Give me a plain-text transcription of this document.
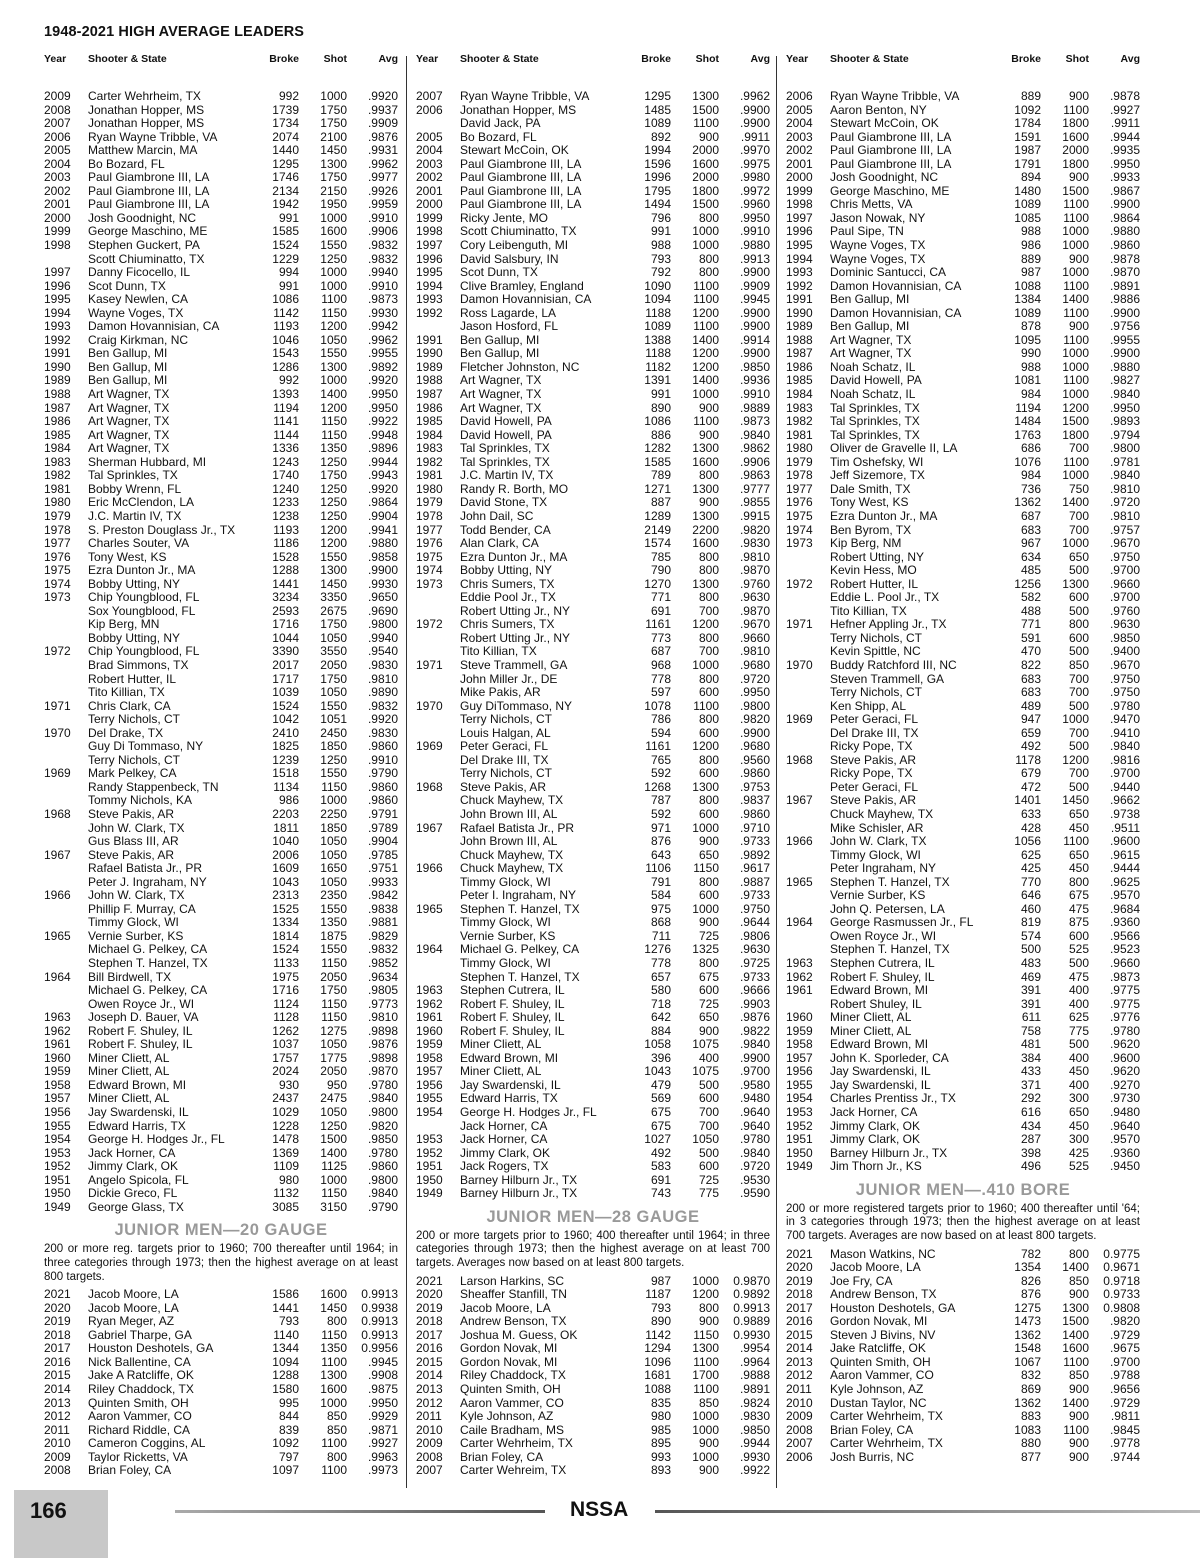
1948-2021 HIGH AVERAGE LEADERS
Year	Shooter & State	Broke	Shot	Avg
2009	Carter Wehrheim, TX	992	1000	.9920
2008	Jonathan Hopper, MS	1739	1750	.9937
2007	Jonathan Hopper, MS	1734	1750	.9909
2006	Ryan Wayne Tribble, VA	2074	2100	.9876
2005	Matthew Marcin, MA	1440	1450	.9931
2004	Bo Bozard, FL	1295	1300	.9962
2003	Paul Giambrone III, LA	1746	1750	.9977
2002	Paul Giambrone III, LA	2134	2150	.9926
2001	Paul Giambrone III, LA	1942	1950	.9959
2000	Josh Goodnight, NC	991	1000	.9910
1999	George Maschino, ME	1585	1600	.9906
1998	Stephen Guckert, PA	1524	1550	.9832
Scott Chiuminatto, TX	1229	1250	.9832
1997	Danny Ficocello, IL	994	1000	.9940
1996	Scot Dunn, TX	991	1000	.9910
1995	Kasey Newlen, CA	1086	1100	.9873
1994	Wayne Voges, TX	1142	1150	.9930
1993	Damon Hovannisian, CA	1193	1200	.9942
1992	Craig Kirkman, NC	1046	1050	.9962
1991	Ben Gallup, MI	1543	1550	.9955
1990	Ben Gallup, MI	1286	1300	.9892
1989	Ben Gallup, MI	992	1000	.9920
1988	Art Wagner, TX	1393	1400	.9950
1987	Art Wagner, TX	1194	1200	.9950
1986	Art Wagner, TX	1141	1150	.9922
1985	Art Wagner, TX	1144	1150	.9948
1984	Art Wagner, TX	1336	1350	.9896
1983	Sherman Hubbard, MI	1243	1250	.9944
1982	Tal Sprinkles, TX	1740	1750	.9943
1981	Bobby Wrenn, FL	1240	1250	.9920
1980	Eric McClendon, LA	1233	1250	.9864
1979	J.C. Martin IV, TX	1238	1250	.9904
1978	S. Preston Douglass Jr., TX	1193	1200	.9941
1977	Charles Souter, VA	1186	1200	.9880
1976	Tony West, KS	1528	1550	.9858
1975	Ezra Dunton Jr., MA	1288	1300	.9900
1974	Bobby Utting, NY	1441	1450	.9930
1973	Chip Youngblood, FL	3234	3350	.9650
Sox Youngblood, FL	2593	2675	.9690
Kip Berg, MN	1716	1750	.9800
Bobby Utting, NY	1044	1050	.9940
1972	Chip Youngblood, FL	3390	3550	.9540
Brad Simmons, TX	2017	2050	.9830
Robert Hutter, IL	1717	1750	.9810
Tito Killian, TX	1039	1050	.9890
1971	Chris Clark, CA	1524	1550	.9832
Terry Nichols, CT	1042	1051	.9920
1970	Del Drake, TX	2410	2450	.9830
Guy Di Tommaso, NY	1825	1850	.9860
Terry Nichols, CT	1239	1250	.9910
1969	Mark Pelkey, CA	1518	1550	.9790
Randy Stappenbeck, TN	1134	1150	.9860
Tommy Nichols, KA	986	1000	.9860
1968	Steve Pakis, AR	2203	2250	.9791
John W. Clark, TX	1811	1850	.9789
Gus Blass III, AR	1040	1050	.9904
1967	Steve Pakis, AR	2006	1050	.9785
Rafael Batista Jr., PR	1609	1650	.9751
Peter J. Ingraham, NY	1043	1050	.9933
1966	John W. Clark, TX	2313	2350	.9842
Phillip F. Murray, CA	1525	1550	.9838
Timmy Glock, WI	1334	1350	.9881
1965	Vernie Surber, KS	1814	1875	.9829
Michael G. Pelkey, CA	1524	1550	.9832
Stephen T. Hanzel, TX	1133	1150	.9852
1964	Bill Birdwell, TX	1975	2050	.9634
Michael G. Pelkey, CA	1716	1750	.9805
Owen Royce Jr., WI	1124	1150	.9773
1963	Joseph D. Bauer, VA	1128	1150	.9810
1962	Robert F. Shuley, IL	1262	1275	.9898
1961	Robert F. Shuley, IL	1037	1050	.9876
1960	Miner Cliett, AL	1757	1775	.9898
1959	Miner Cliett, AL	2024	2050	.9870
1958	Edward Brown, MI	930	950	.9780
1957	Miner Cliett, AL	2437	2475	.9840
1956	Jay Swardenski, IL	1029	1050	.9800
1955	Edward Harris, TX	1228	1250	.9820
1954	George H. Hodges Jr., FL	1478	1500	.9850
1953	Jack Horner, CA	1369	1400	.9780
1952	Jimmy Clark, OK	1109	1125	.9860
1951	Angelo Spicola, FL	980	1000	.9800
1950	Dickie Greco, FL	1132	1150	.9840
1949	George Glass, TX	3085	3150	.9790
JUNIOR MEN—20 GAUGE
200 or more reg. targets prior to 1960; 700 thereafter until 1964; in three categories through 1973; then the highest average on at least 800 targets.
2021	Jacob Moore, LA	1586	1600	0.9913
2020	Jacob Moore, LA	1441	1450	0.9938
2019	Ryan Meger, AZ	793	800	0.9913
2018	Gabriel Tharpe, GA	1140	1150	0.9913
2017	Houston Deshotels, GA	1344	1350	0.9956
2016	Nick Ballentine, CA	1094	1100	.9945
2015	Jake A Ratcliffe, OK	1288	1300	.9908
2014	Riley Chaddock, TX	1580	1600	.9875
2013	Quinten Smith, OH	995	1000	.9950
2012	Aaron Vammer, CO	844	850	.9929
2011	Richard Riddle, CA	839	850	.9871
2010	Cameron Coggins, AL	1092	1100	.9927
2009	Taylor Ricketts, VA	797	800	.9963
2008	Brian Foley, CA	1097	1100	.9973
Year	Shooter & State	Broke	Shot	Avg
2007	Ryan Wayne Tribble, VA	1295	1300	.9962
2006	Jonathan Hopper, MS	1485	1500	.9900
David Jack, PA	1089	1100	.9900
2005	Bo Bozard, FL	892	900	.9911
2004	Stewart McCoin, OK	1994	2000	.9970
2003	Paul Giambrone III, LA	1596	1600	.9975
2002	Paul Giambrone III, LA	1996	2000	.9980
2001	Paul Giambrone III, LA	1795	1800	.9972
2000	Paul Giambrone III, LA	1494	1500	.9960
1999	Ricky Jente, MO	796	800	.9950
1998	Scott Chiuminatto, TX	991	1000	.9910
1997	Cory Leibenguth, MI	988	1000	.9880
1996	David Salsbury, IN	793	800	.9913
1995	Scot Dunn, TX	792	800	.9900
1994	Clive Bramley, England	1090	1100	.9909
1993	Damon Hovannisian, CA	1094	1100	.9945
1992	Ross Lagarde, LA	1188	1200	.9900
Jason Hosford, FL	1089	1100	.9900
1991	Ben Gallup, MI	1388	1400	.9914
1990	Ben Gallup, MI	1188	1200	.9900
1989	Fletcher Johnston, NC	1182	1200	.9850
1988	Art Wagner, TX	1391	1400	.9936
1987	Art Wagner, TX	991	1000	.9910
1986	Art Wagner, TX	890	900	.9889
1985	David Howell, PA	1086	1100	.9873
1984	David Howell, PA	886	900	.9840
1983	Tal Sprinkles, TX	1282	1300	.9862
1982	Tal Sprinkles, TX	1585	1600	.9906
1981	J.C. Martin IV, TX	789	800	.9863
1980	Randy R. Borth, MO	1271	1300	.9777
1979	David Stone, TX	887	900	.9855
1978	John Dail, SC	1289	1300	.9915
1977	Todd Bender, CA	2149	2200	.9820
1976	Alan Clark, CA	1574	1600	.9830
1975	Ezra Dunton Jr., MA	785	800	.9810
1974	Bobby Utting, NY	790	800	.9870
1973	Chris Sumers, TX	1270	1300	.9760
Eddie Pool Jr., TX	771	800	.9630
Robert Utting Jr., NY	691	700	.9870
1972	Chris Sumers, TX	1161	1200	.9670
Robert Utting Jr., NY	773	800	.9660
Tito Killian, TX	687	700	.9810
1971	Steve Trammell, GA	968	1000	.9680
John Miller Jr., DE	778	800	.9720
Mike Pakis, AR	597	600	.9950
1970	Guy DiTommaso, NY	1078	1100	.9800
Terry Nichols, CT	786	800	.9820
Louis Halgan, AL	594	600	.9900
1969	Peter Geraci, FL	1161	1200	.9680
Del Drake III, TX	765	800	.9560
Terry Nichols, CT	592	600	.9860
1968	Steve Pakis, AR	1268	1300	.9753
Chuck Mayhew, TX	787	800	.9837
John Brown III, AL	592	600	.9860
1967	Rafael Batista Jr., PR	971	1000	.9710
John Brown III, AL	876	900	.9733
Chuck Mayhew, TX	643	650	.9892
1966	Chuck Mayhew, TX	1106	1150	.9617
Timmy Glock, WI	791	800	.9887
Peter I. Ingraham, NY	584	600	.9733
1965	Stephen T. Hanzel, TX	975	1000	.9750
Timmy Glock, WI	868	900	.9644
Vernie Surber, KS	711	725	.9806
1964	Michael G. Pelkey, CA	1276	1325	.9630
Timmy Glock, WI	778	800	.9725
Stephen T. Hanzel, TX	657	675	.9733
1963	Stephen Cutrera, IL	580	600	.9666
1962	Robert F. Shuley, IL	718	725	.9903
1961	Robert F. Shuley, IL	642	650	.9876
1960	Robert F. Shuley, IL	884	900	.9822
1959	Miner Cliett, AL	1058	1075	.9840
1958	Edward Brown, MI	396	400	.9900
1957	Miner Cliett, AL	1043	1075	.9700
1956	Jay Swardenski, IL	479	500	.9580
1955	Edward Harris, TX	569	600	.9480
1954	George H. Hodges Jr., FL	675	700	.9640
Jack Horner, CA	675	700	.9640
1953	Jack Horner, CA	1027	1050	.9780
1952	Jimmy Clark, OK	492	500	.9840
1951	Jack Rogers, TX	583	600	.9720
1950	Barney Hilburn Jr., TX	691	725	.9530
1949	Barney Hilburn Jr., TX	743	775	.9590
JUNIOR MEN—28 GAUGE
200 or more targets prior to 1960; 400 thereafter until 1964; in three categories through 1973; then the highest average on at least 700 targets. Averages now based on at least 800 targets.
2021	Larson Harkins, SC	987	1000	0.9870
2020	Sheaffer Stanfill, TN	1187	1200	0.9892
2019	Jacob Moore, LA	793	800	0.9913
2018	Andrew Benson, TX	890	900	0.9889
2017	Joshua M. Guess, OK	1142	1150	0.9930
2016	Gordon Novak, MI	1294	1300	.9954
2015	Gordon Novak, MI	1096	1100	.9964
2014	Riley Chaddock, TX	1681	1700	.9888
2013	Quinten Smith, OH	1088	1100	.9891
2012	Aaron Vammer, CO	835	850	.9824
2011	Kyle Johnson, AZ	980	1000	.9830
2010	Caile Bradham, MS	985	1000	.9850
2009	Carter Wehrheim, TX	895	900	.9944
2008	Brian Foley, CA	993	1000	.9930
2007	Carter Wehreim, TX	893	900	.9922
Year	Shooter & State	Broke	Shot	Avg
2006	Ryan Wayne Tribble, VA	889	900	.9878
2005	Aaron Benton, NY	1092	1100	.9927
2004	Stewart McCoin, OK	1784	1800	.9911
2003	Paul Giambrone III, LA	1591	1600	.9944
2002	Paul Giambrone III, LA	1987	2000	.9935
2001	Paul Giambrone III, LA	1791	1800	.9950
2000	Josh Goodnight, NC	894	900	.9933
1999	George Maschino, ME	1480	1500	.9867
1998	Chris Metts, VA	1089	1100	.9900
1997	Jason Nowak, NY	1085	1100	.9864
1996	Paul Sipe, TN	988	1000	.9880
1995	Wayne Voges, TX	986	1000	.9860
1994	Wayne Voges, TX	889	900	.9878
1993	Dominic Santucci, CA	987	1000	.9870
1992	Damon Hovannisian, CA	1088	1100	.9891
1991	Ben Gallup, MI	1384	1400	.9886
1990	Damon Hovannisian, CA	1089	1100	.9900
1989	Ben Gallup, MI	878	900	.9756
1988	Art Wagner, TX	1095	1100	.9955
1987	Art Wagner, TX	990	1000	.9900
1986	Noah Schatz, IL	988	1000	.9880
1985	David Howell, PA	1081	1100	.9827
1984	Noah Schatz, IL	984	1000	.9840
1983	Tal Sprinkles, TX	1194	1200	.9950
1982	Tal Sprinkles, TX	1484	1500	.9893
1981	Tal Sprinkles, TX	1763	1800	.9794
1980	Oliver de Gravelle II, LA	686	700	.9800
1979	Tim Oshefsky, WI	1076	1100	.9781
1978	Jeff Sizemore, TX	984	1000	.9840
1977	Dale Smith, TX	736	750	.9810
1976	Tony West, KS	1362	1400	.9720
1975	Ezra Dunton Jr., MA	687	700	.9810
1974	Ben Byrom, TX	683	700	.9757
1973	Kip Berg, NM	967	1000	.9670
Robert Utting, NY	634	650	.9750
Kevin Hess, MO	485	500	.9700
1972	Robert Hutter, IL	1256	1300	.9660
Eddie L. Pool Jr., TX	582	600	.9700
Tito Killian, TX	488	500	.9760
1971	Hefner Appling Jr., TX	771	800	.9630
Terry Nichols, CT	591	600	.9850
Kevin Spittle, NC	470	500	.9400
1970	Buddy Ratchford III, NC	822	850	.9670
Steven Trammell, GA	683	700	.9750
Terry Nichols, CT	683	700	.9750
Ken Shipp, AL	489	500	.9780
1969	Peter Geraci, FL	947	1000	.9470
Del Drake III, TX	659	700	.9410
Ricky Pope, TX	492	500	.9840
1968	Steve Pakis, AR	1178	1200	.9816
Ricky Pope, TX	679	700	.9700
Peter Geraci, FL	472	500	.9440
1967	Steve Pakis, AR	1401	1450	.9662
Chuck Mayhew, TX	633	650	.9738
Mike Schisler, AR	428	450	.9511
1966	John W. Clark, TX	1056	1100	.9600
Timmy Glock, WI	625	650	.9615
Peter Ingraham, NY	425	450	.9444
1965	Stephen T. Hanzel, TX	770	800	.9625
Vernie Surber, KS	646	675	.9570
John Q. Petersen, LA	460	475	.9684
1964	George Rasmussen Jr., FL	819	875	.9360
Owen Royce Jr., WI	574	600	.9566
Stephen T. Hanzel, TX	500	525	.9523
1963	Stephen Cutrera, IL	483	500	.9660
1962	Robert F. Shuley, IL	469	475	.9873
1961	Edward Brown, MI	391	400	.9775
Robert Shuley, IL	391	400	.9775
1960	Miner Cliett, AL	611	625	.9776
1959	Miner Cliett, AL	758	775	.9780
1958	Edward Brown, MI	481	500	.9620
1957	John K. Sporleder, CA	384	400	.9600
1956	Jay Swardenski, IL	433	450	.9620
1955	Jay Swardenski, IL	371	400	.9270
1954	Charles Prentiss Jr., TX	292	300	.9730
1953	Jack Horner, CA	616	650	.9480
1952	Jimmy Clark, OK	434	450	.9640
1951	Jimmy Clark, OK	287	300	.9570
1950	Barney Hilburn Jr., TX	398	425	.9360
1949	Jim Thorn Jr., KS	496	525	.9450
JUNIOR MEN—.410 BORE
200 or more registered targets prior to 1960; 400 thereafter until '64; in 3 categories through 1973; then the highest average on at least 700 targets. Averages are now based on at least 800 targets.
2021	Mason Watkins, NC	782	800	0.9775
2020	Jacob Moore, LA	1354	1400	0.9671
2019	Joe Fry, CA	826	850	0.9718
2018	Andrew Benson, TX	876	900	0.9733
2017	Houston Deshotels, GA	1275	1300	0.9808
2016	Gordon Novak, MI	1473	1500	.9820
2015	Steven J Bivins, NV	1362	1400	.9729
2014	Jake Ratcliffe, OK	1548	1600	.9675
2013	Quinten Smith, OH	1067	1100	.9700
2012	Aaron Vammer, CO	832	850	.9788
2011	Kyle Johnson, AZ	869	900	.9656
2010	Dustan Taylor, NC	1362	1400	.9729
2009	Carter Wehrheim, TX	883	900	.9811
2008	Brian Foley, CA	1083	1100	.9845
2007	Carter Wehrheim, TX	880	900	.9778
2006	Josh Burris, NC	877	900	.9744
166	NSSA
